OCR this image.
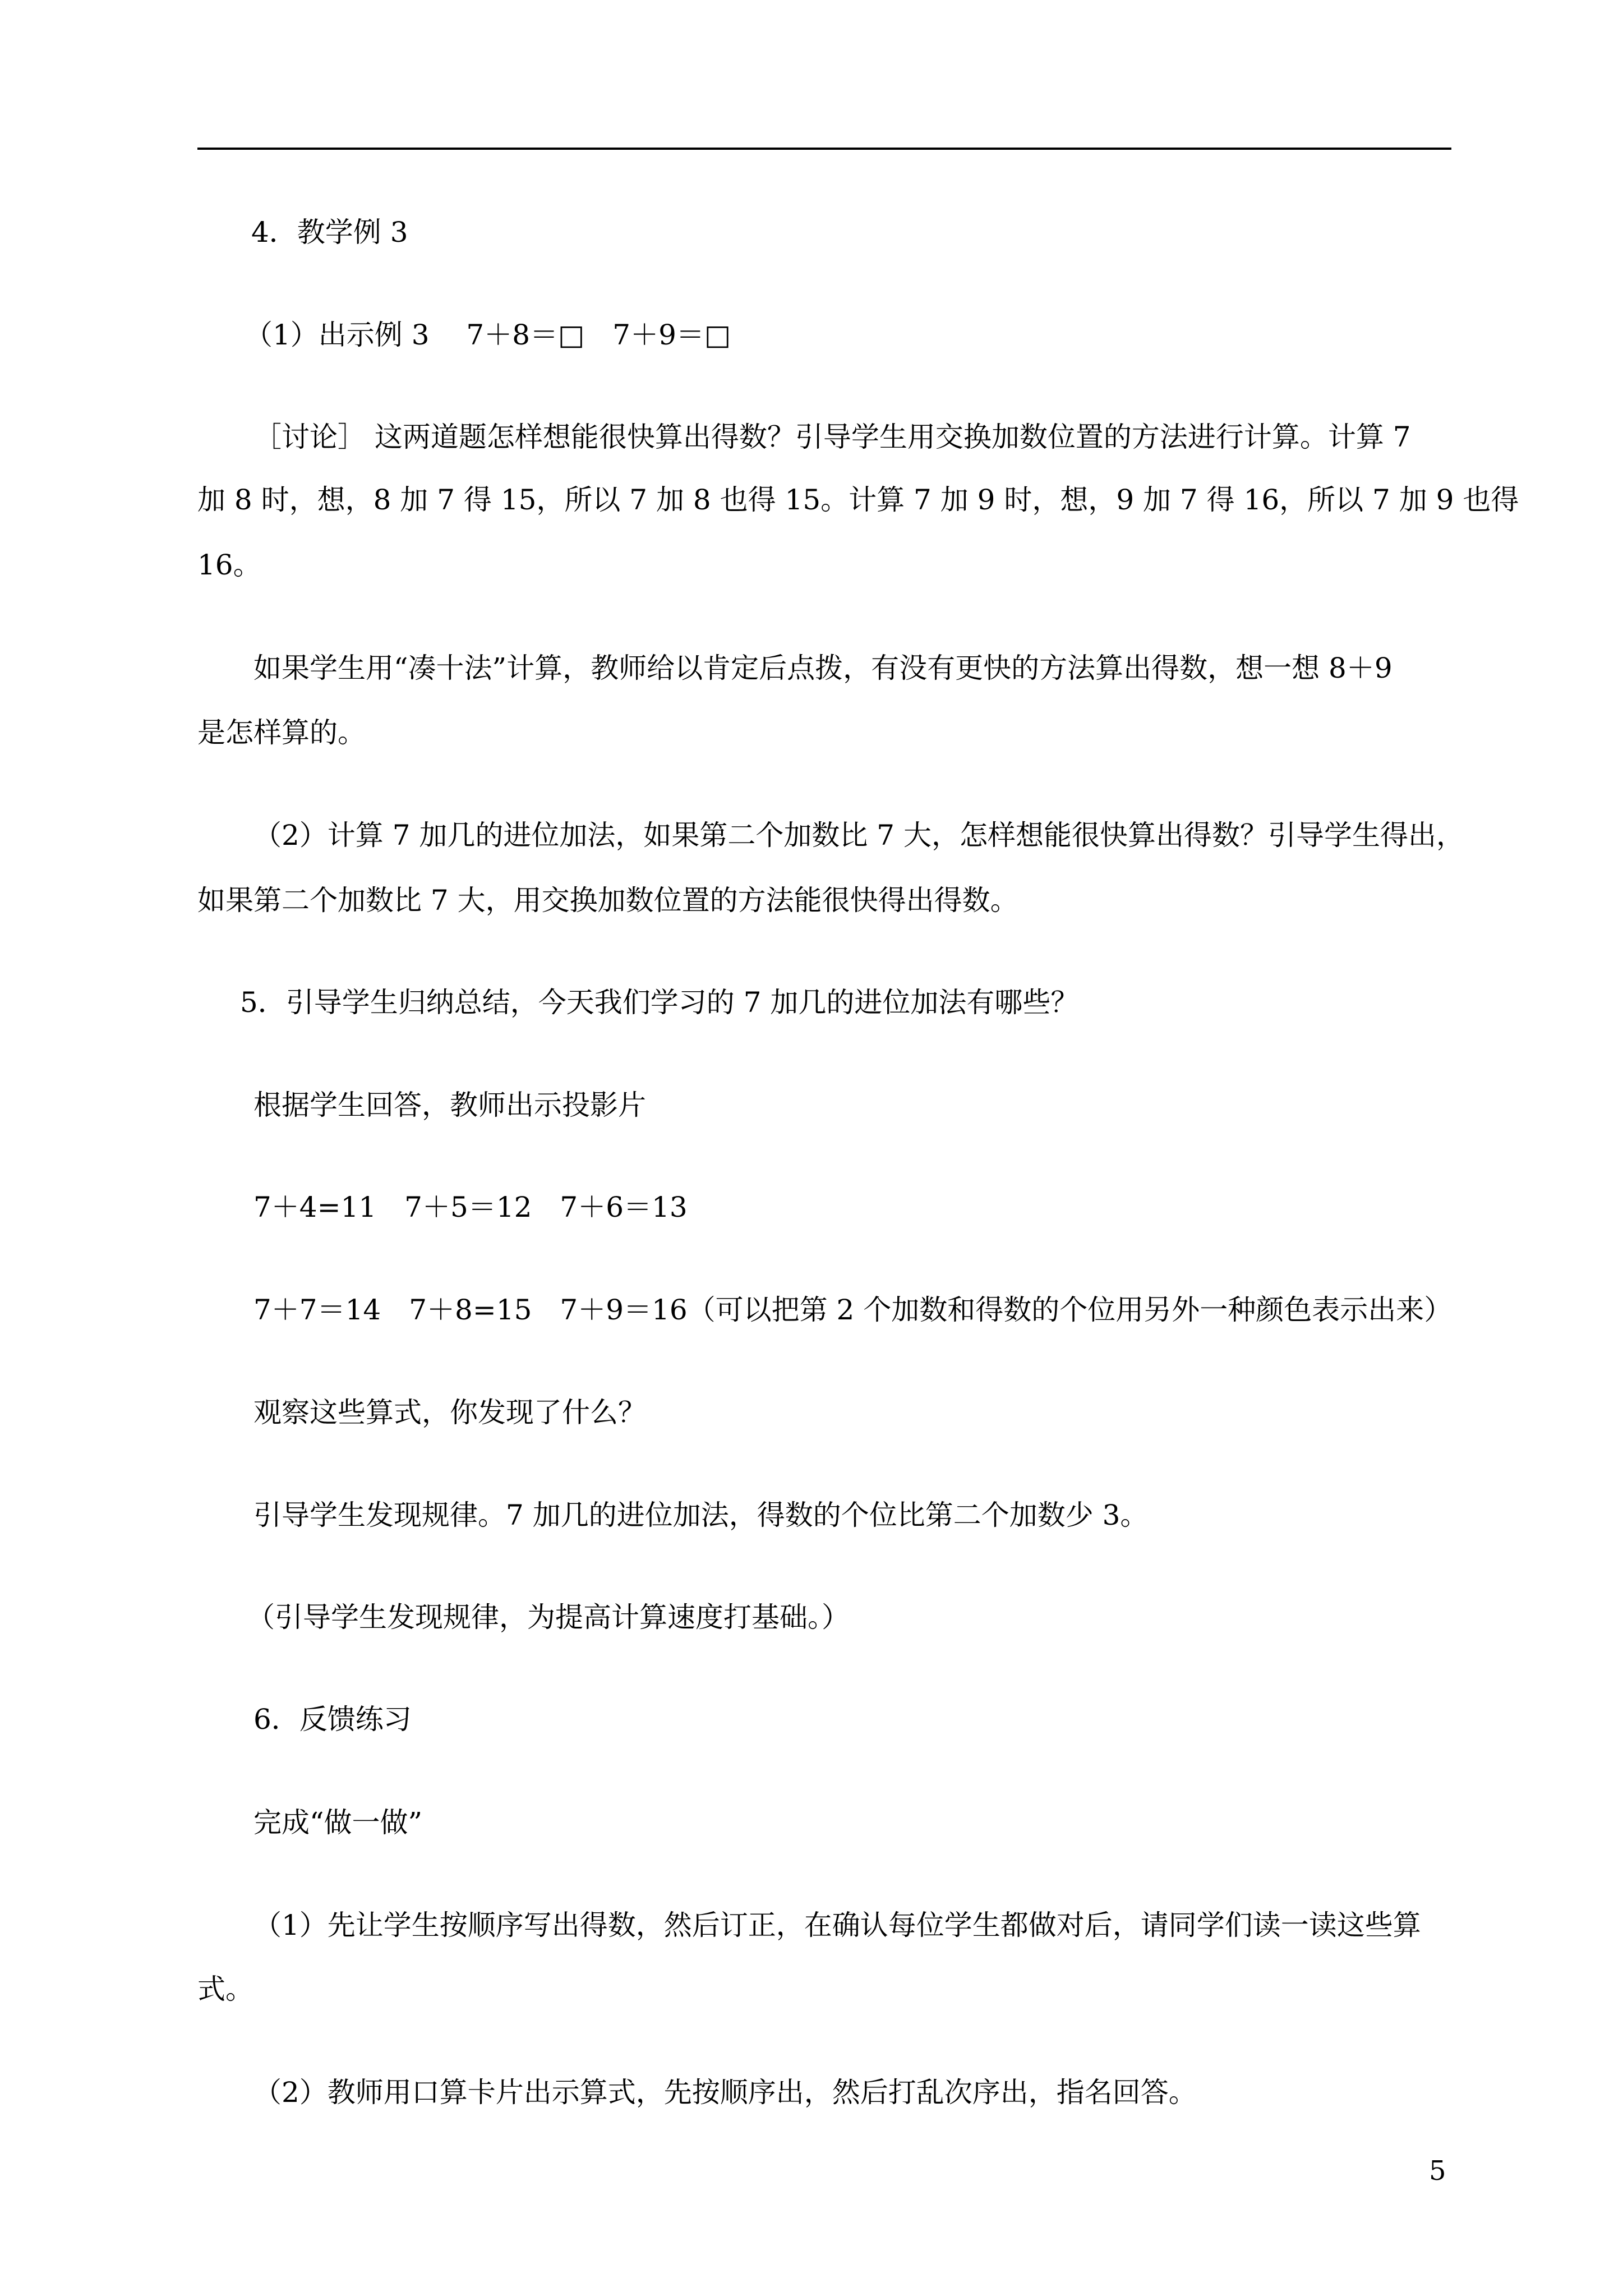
4．教学例 3
（1）出示例 3　 7＋8＝□　7＋9＝□
［讨论］ 这两道题怎样想能很快算出得数？引导学生用交换加数位置的方法进行计算。计算 7
加 8 时，想，8 加 7 得 15，所以 7 加 8 也得 15。计算 7 加 9 时，想，9 加 7 得 16，所以 7 加 9 也得
16。
如果学生用“凑十法”计算，教师给以肯定后点拨，有没有更快的方法算出得数，想一想 8＋9
是怎样算的。
（2）计算 7 加几的进位加法，如果第二个加数比 7 大，怎样想能很快算出得数？引导学生得出，
如果第二个加数比 7 大，用交换加数位置的方法能很快得出得数。
5．引导学生归纳总结，今天我们学习的 7 加几的进位加法有哪些？
根据学生回答，教师出示投影片
7＋4=11　7＋5＝12　7＋6＝13
7＋7＝14　7＋8=15　7＋9＝16（可以把第 2 个加数和得数的个位用另外一种颜色表示出来）
观察这些算式，你发现了什么？
引导学生发现规律。7 加几的进位加法，得数的个位比第二个加数少 3。
（引导学生发现规律，为提高计算速度打基础。）
6．反馈练习
完成“做一做”
（1）先让学生按顺序写出得数，然后订正，在确认每位学生都做对后，请同学们读一读这些算
式。
（2）教师用口算卡片出示算式，先按顺序出，然后打乱次序出，指名回答。
5
